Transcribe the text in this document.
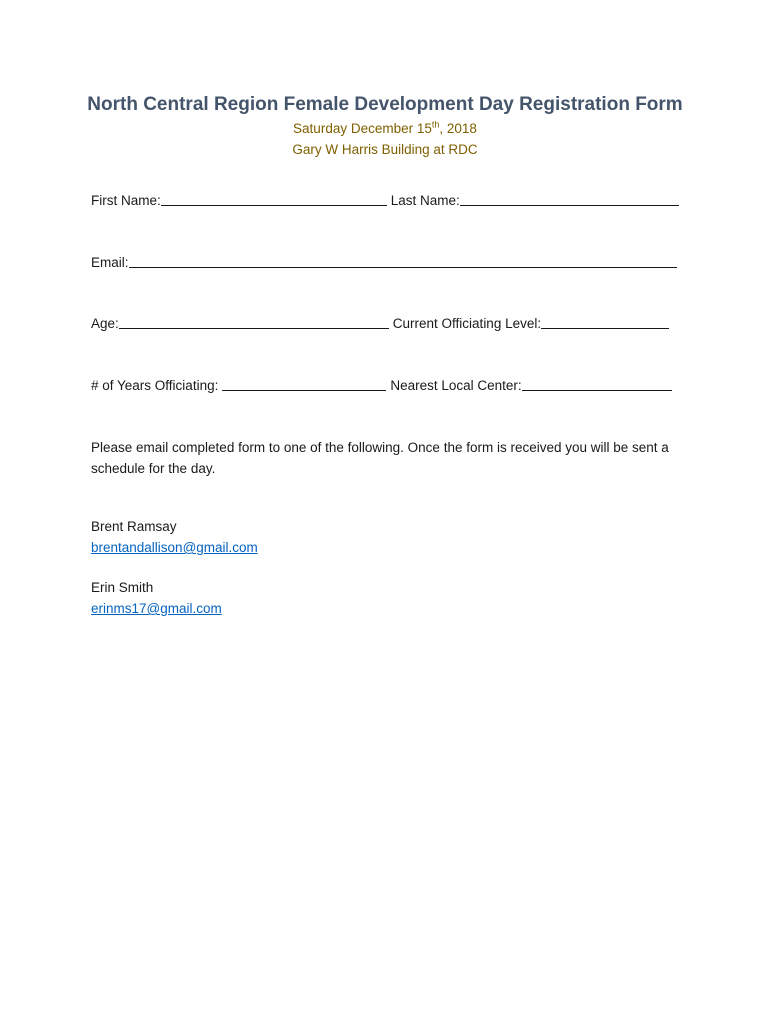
North Central Region Female Development Day Registration Form
Saturday December 15th, 2018
Gary W Harris Building at RDC
First Name:	Last Name:
Email:
Age:	Current Officiating Level:
# of Years Officiating:	Nearest Local Center:
Please email completed form to one of the following. Once the form is received you will be sent a schedule for the day.
Brent Ramsay
brentandallison@gmail.com
Erin Smith
erinms17@gmail.com
